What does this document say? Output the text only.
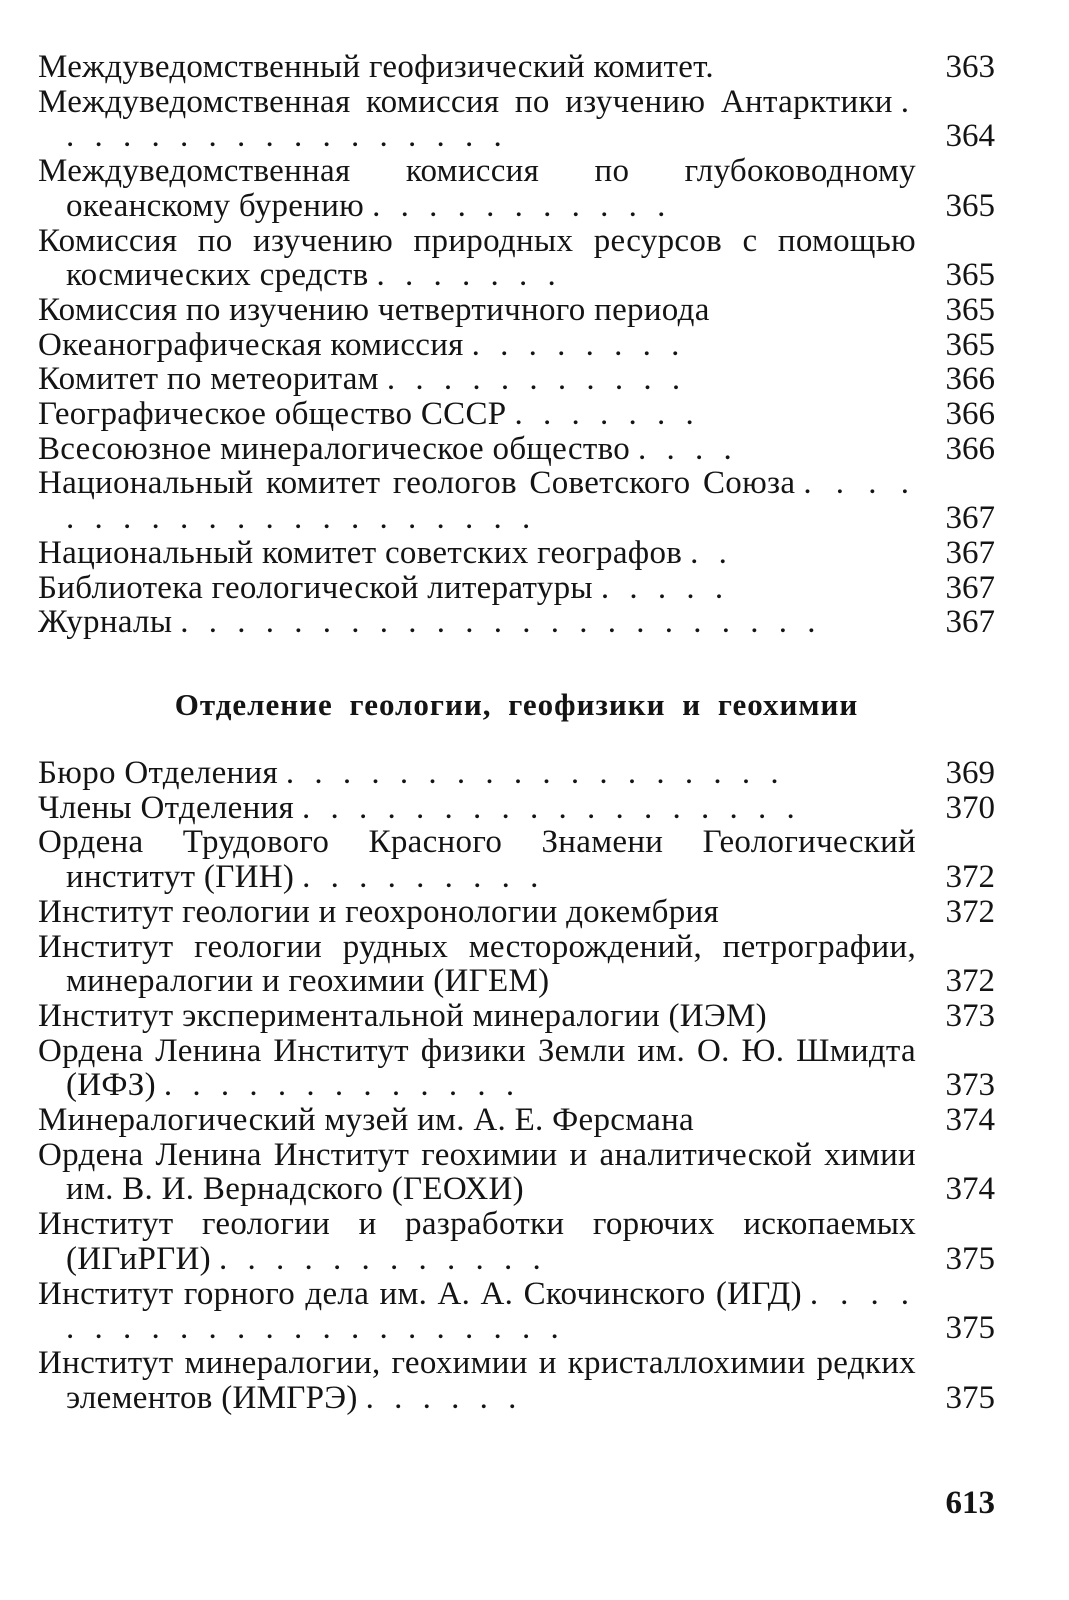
Междуведомственный геофизический комитет.	363
Междуведомственная комиссия по изучению Антарктики . . . . . . . . . . . . . . . . .	364
Междуведомственная комиссия по глубоководному океанскому бурению . . . . . . . . . . .	365
Комиссия по изучению природных ресурсов с помощью космических средств . . . . . . .	365
Комиссия по изучению четвертичного периода	365
Океанографическая комиссия . . . . . . . .	365
Комитет по метеоритам . . . . . . . . . . .	366
Географическое общество СССР . . . . . . .	366
Всесоюзное минералогическое общество . . . .	366
Национальный комитет геологов Советского Союза . . . . . . . . . . . . . . . . . . . . .	367
Национальный комитет советских географов . .	367
Библиотека геологической литературы . . . . .	367
Журналы . . . . . . . . . . . . . . . . . . . . . . .	367
Отделение геологии, геофизики и геохимии
Бюро Отделения . . . . . . . . . . . . . . . . . .	369
Члены Отделения . . . . . . . . . . . . . . . . . .	370
Ордена Трудового Красного Знамени Геологический институт (ГИН) . . . . . . . . .	372
Институт геологии и геохронологии докембрия	372
Институт геологии рудных месторождений, петрографии, минералогии и геохимии (ИГЕМ)	372
Институт экспериментальной минералогии (ИЭМ)	373
Ордена Ленина Институт физики Земли им. О. Ю. Шмидта (ИФЗ) . . . . . . . . . . . . .	373
Минералогический музей им. А. Е. Ферсмана	374
Ордена Ленина Институт геохимии и аналитической химии им. В. И. Вернадского (ГЕОХИ)	374
Институт геологии и разработки горючих ископаемых (ИГиРГИ) . . . . . . . . . . . .	375
Институт горного дела им. А. А. Скочинского (ИГД) . . . . . . . . . . . . . . . . . . . . . .	375
Институт минералогии, геохимии и кристаллохимии редких элементов (ИМГРЭ) . . . . . .	375
613
